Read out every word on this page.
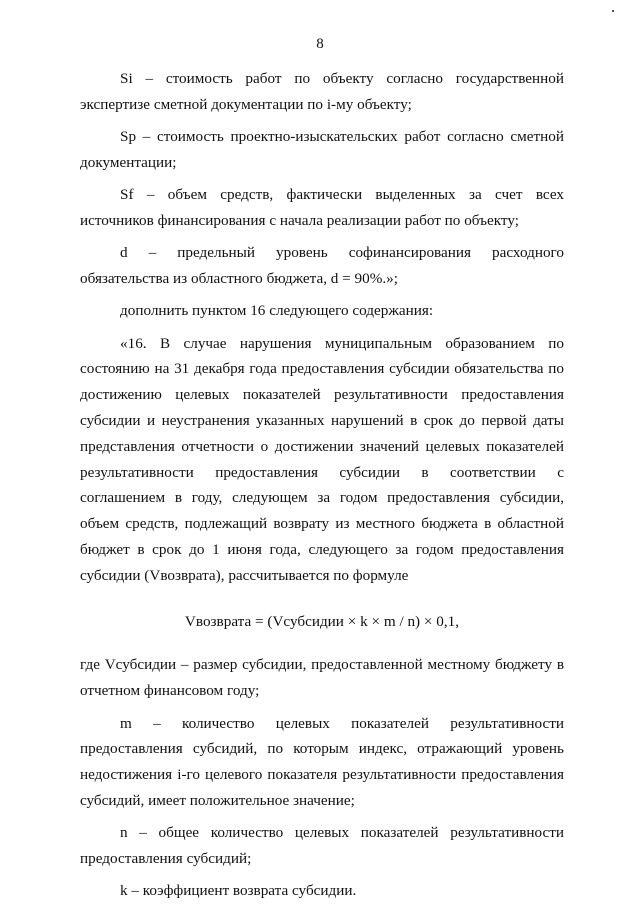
8

Si – стоимость работ по объекту согласно государственной экспертизе сметной документации по i-му объекту;

Sp – стоимость проектно-изыскательских работ согласно сметной документации;

Sf – объем средств, фактически выделенных за счет всех источников финансирования с начала реализации работ по объекту;

d – предельный уровень софинансирования расходного обязательства из областного бюджета, d = 90%.»;

дополнить пунктом 16 следующего содержания:

«16. В случае нарушения муниципальным образованием по состоянию на 31 декабря года предоставления субсидии обязательства по достижению целевых показателей результативности предоставления субсидии и неустранения указанных нарушений в срок до первой даты представления отчетности о достижении значений целевых показателей результативности предоставления субсидии в соответствии с соглашением в году, следующем за годом предоставления субсидии, объем средств, подлежащий возврату из местного бюджета в областной бюджет в срок до 1 июня года, следующего за годом предоставления субсидии (Vвозврата), рассчитывается по формуле

Vвозврата = (Vсубсидии × k × m / n) × 0,1,

где Vсубсидии – размер субсидии, предоставленной местному бюджету в отчетном финансовом году;

m – количество целевых показателей результативности предоставления субсидий, по которым индекс, отражающий уровень недостижения i-го целевого показателя результативности предоставления субсидий, имеет положительное значение;

n – общее количество целевых показателей результативности предоставления субсидий;

k – коэффициент возврата субсидии.
